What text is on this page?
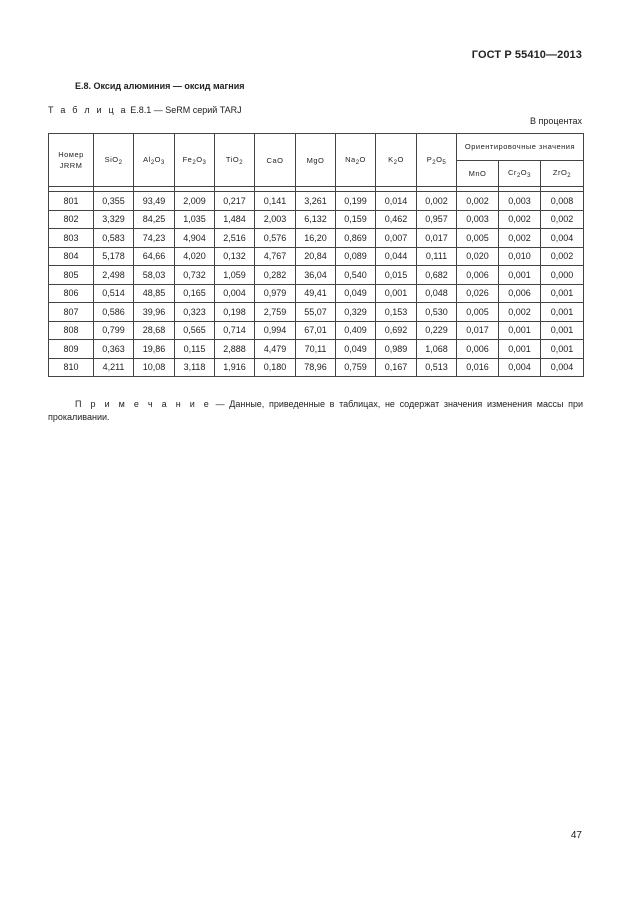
ГОСТ Р 55410—2013
Е.8. Оксид алюминия — оксид магния
Т а б л и ц а Е.8.1 — SeRM серий TARJ
В процентах
Номер JRRM	SiO$_2$	$Al_2O_3$	$Fe_2O_3$	TiO$_2$	CaO	MgO	$Na_2O$	$K_2O$	$P_2O_5$	Ориентировочные значения		
										MnO	$Cr_2O_3$	ZrO$_2$

801	0,355	93,49	2,009	0,217	0,141	3,261	0,199	0,014	0,002	0,002	0,003	0,008
802	3,329	84,25	1,035	1,484	2,003	6,132	0,159	0,462	0,957	0,003	0,002	0,002
803	0,583	74,23	4,904	2,516	0,576	16,20	0,869	0,007	0,017	0,005	0,002	0,004
804	5,178	64,66	4,020	0,132	4,767	20,84	0,089	0,044	0,111	0,020	0,010	0,002
805	2,498	58,03	0,732	1,059	0,282	36,04	0,540	0,015	0,682	0,006	0,001	0,000
806	0,514	48,85	0,165	0,004	0,979	49,41	0,049	0,001	0,048	0,026	0,006	0,001
807	0,586	39,96	0,323	0,198	2,759	55,07	0,329	0,153	0,530	0,005	0,002	0,001
808	0,799	28,68	0,565	0,714	0,994	67,01	0,409	0,692	0,229	0,017	0,001	0,001
809	0,363	19,86	0,115	2,888	4,479	70,11	0,049	0,989	1,068	0,006	0,001	0,001
810	4,211	10,08	3,118	1,916	0,180	78,96	0,759	0,167	0,513	0,016	0,004	0,004
П р и м е ч а н и е — Данные, приведенные в таблицах, не содержат значения изменения массы при прокаливании.
47
